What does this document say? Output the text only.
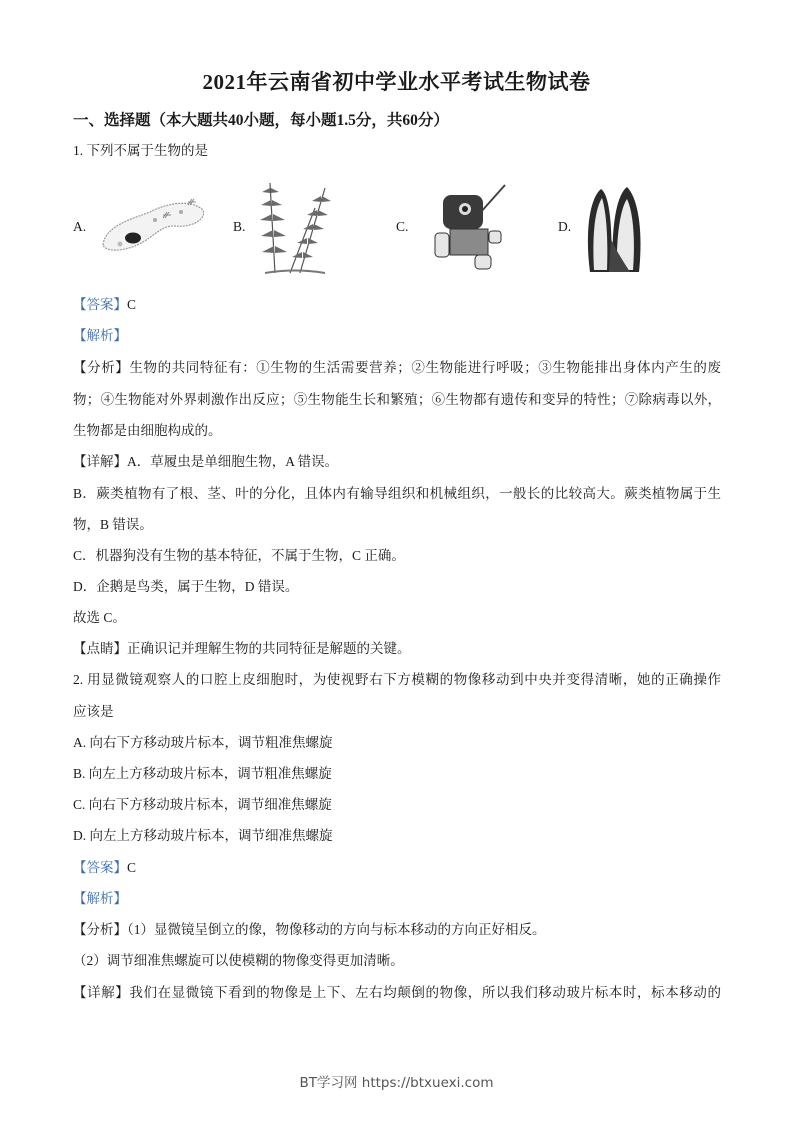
2021年云南省初中学业水平考试生物试卷
一、选择题（本大题共40小题，每小题1.5分，共60分）
1. 下列不属于生物的是
A.	B.	C.	D.
【答案】C
【解析】
【分析】生物的共同特征有：①生物的生活需要营养；②生物能进行呼吸；③生物能排出身体内产生的废
物；④生物能对外界刺激作出反应；⑤生物能生长和繁殖；⑥生物都有遗传和变异的特性；⑦除病毒以外，
生物都是由细胞构成的。
【详解】A．草履虫是单细胞生物，A 错误。
B．蕨类植物有了根、茎、叶的分化，且体内有输导组织和机械组织，一般长的比较高大。蕨类植物属于生
物，B 错误。
C．机器狗没有生物的基本特征，不属于生物，C 正确。
D．企鹅是鸟类，属于生物，D 错误。
故选 C。
【点睛】正确识记并理解生物的共同特征是解题的关键。
2. 用显微镜观察人的口腔上皮细胞时，为使视野右下方模糊的物像移动到中央并变得清晰，她的正确操作
应该是
A. 向右下方移动玻片标本，调节粗准焦螺旋
B. 向左上方移动玻片标本，调节粗准焦螺旋
C. 向右下方移动玻片标本，调节细准焦螺旋
D. 向左上方移动玻片标本，调节细准焦螺旋
【答案】C
【解析】
【分析】（1）显微镜呈倒立的像，物像移动的方向与标本移动的方向正好相反。
（2）调节细准焦螺旋可以使模糊的物像变得更加清晰。
【详解】我们在显微镜下看到的物像是上下、左右均颠倒的物像，所以我们移动玻片标本时，标本移动的
BT学习网 https://btxuexi.com
